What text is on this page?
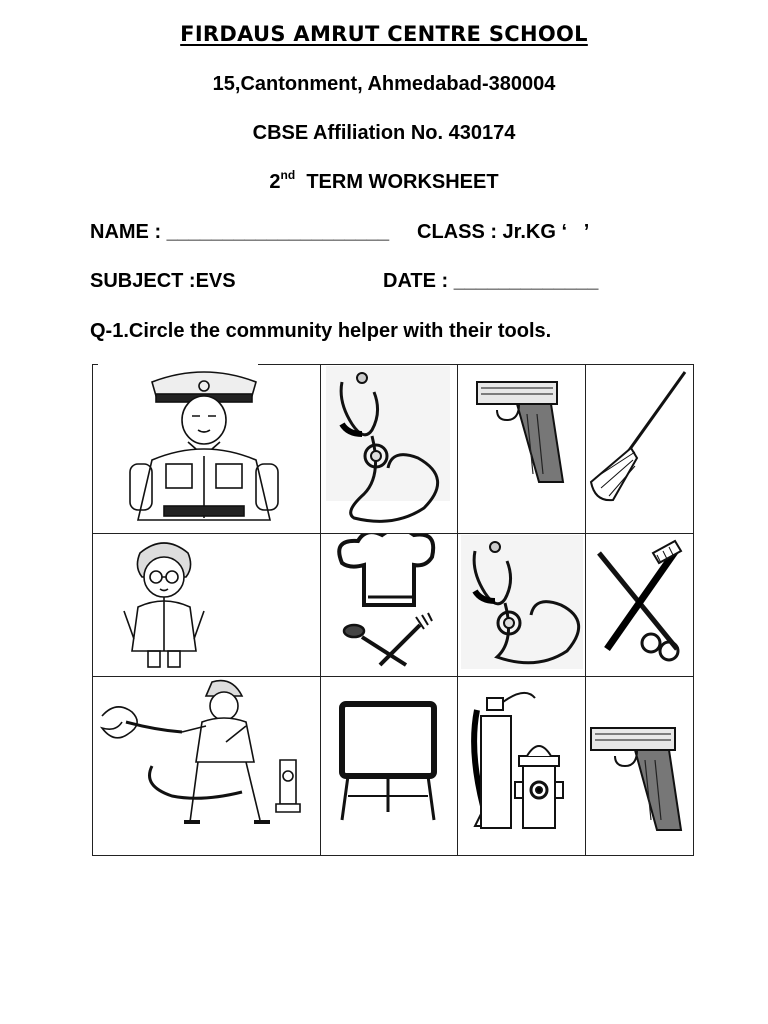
FIRDAUS AMRUT CENTRE SCHOOL
15,Cantonment, Ahmedabad-380004
CBSE Affiliation No. 430174
2nd TERM WORKSHEET
NAME : ____________________ CLASS : Jr.KG ‘   ’
SUBJECT :EVS	DATE : _____________
Q-1.Circle the community helper with their tools.
